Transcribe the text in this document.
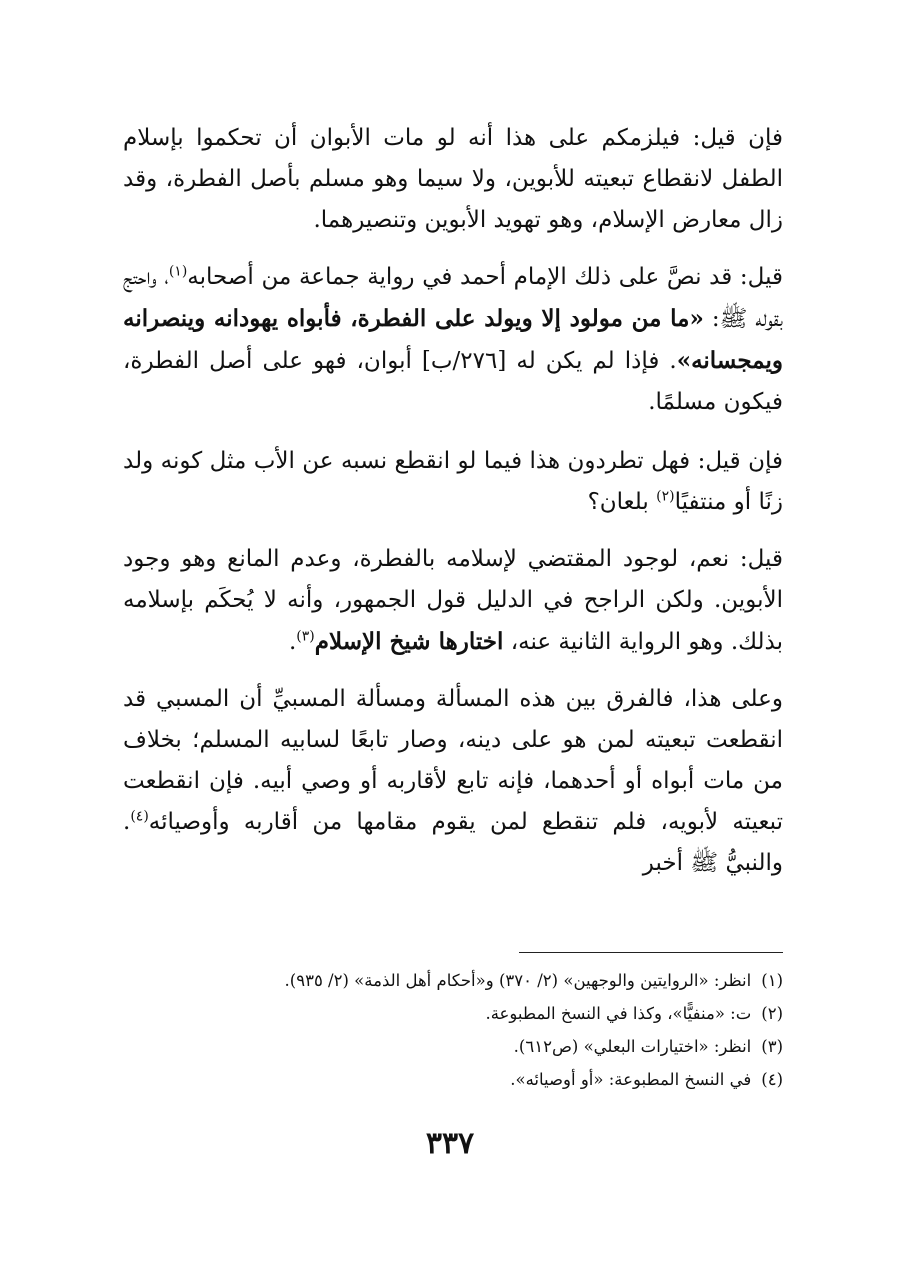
فإن قيل: فيلزمكم على هذا أنه لو مات الأبوان أن تحكموا بإسلام الطفل لانقطاع تبعيته للأبوين، ولا سيما وهو مسلم بأصل الفطرة، وقد زال معارض الإسلام، وهو تهويد الأبوين وتنصيرهما.

قيل: قد نصَّ على ذلك الإمام أحمد في رواية جماعة من أصحابه$^{(١)}$، واحتج بقوله ﷺ: «ما من مولود إلا ويولد على الفطرة، فأبواه يهودانه وينصرانه ويمجسانه». فإذا لم يكن له [٢٧٦/ب] أبوان، فهو على أصل الفطرة، فيكون مسلمًا.

فإن قيل: فهل تطردون هذا فيما لو انقطع نسبه عن الأب مثل كونه ولد زنًا أو منتفيًا$^{(٢)}$ بلعان؟

قيل: نعم، لوجود المقتضي لإسلامه بالفطرة، وعدم المانع وهو وجود الأبوين. ولكن الراجح في الدليل قول الجمهور، وأنه لا يُحكَم بإسلامه بذلك. وهو الرواية الثانية عنه، اختارها شيخ الإسلام$^{(٣)}$.

وعلى هذا، فالفرق بين هذه المسألة ومسألة المسبيِّ أن المسبي قد انقطعت تبعيته لمن هو على دينه، وصار تابعًا لسابيه المسلم؛ بخلاف من مات أبواه أو أحدهما، فإنه تابع لأقاربه أو وصي أبيه. فإن انقطعت تبعيته لأبويه، فلم تنقطع لمن يقوم مقامها من أقاربه وأوصيائه$^{(٤)}$. والنبيُّ ﷺ أخبر

(١)انظر: «الروايتين والوجهين» (٢/ ٣٧٠) و«أحكام أهل الذمة» (٢/ ٩٣٥).

(٢)ت: «منفيًّا»، وكذا في النسخ المطبوعة.

(٣)انظر: «اختيارات البعلي» (ص٦١٢).

(٤)في النسخ المطبوعة: «أو أوصيائه».

٣٣٧
